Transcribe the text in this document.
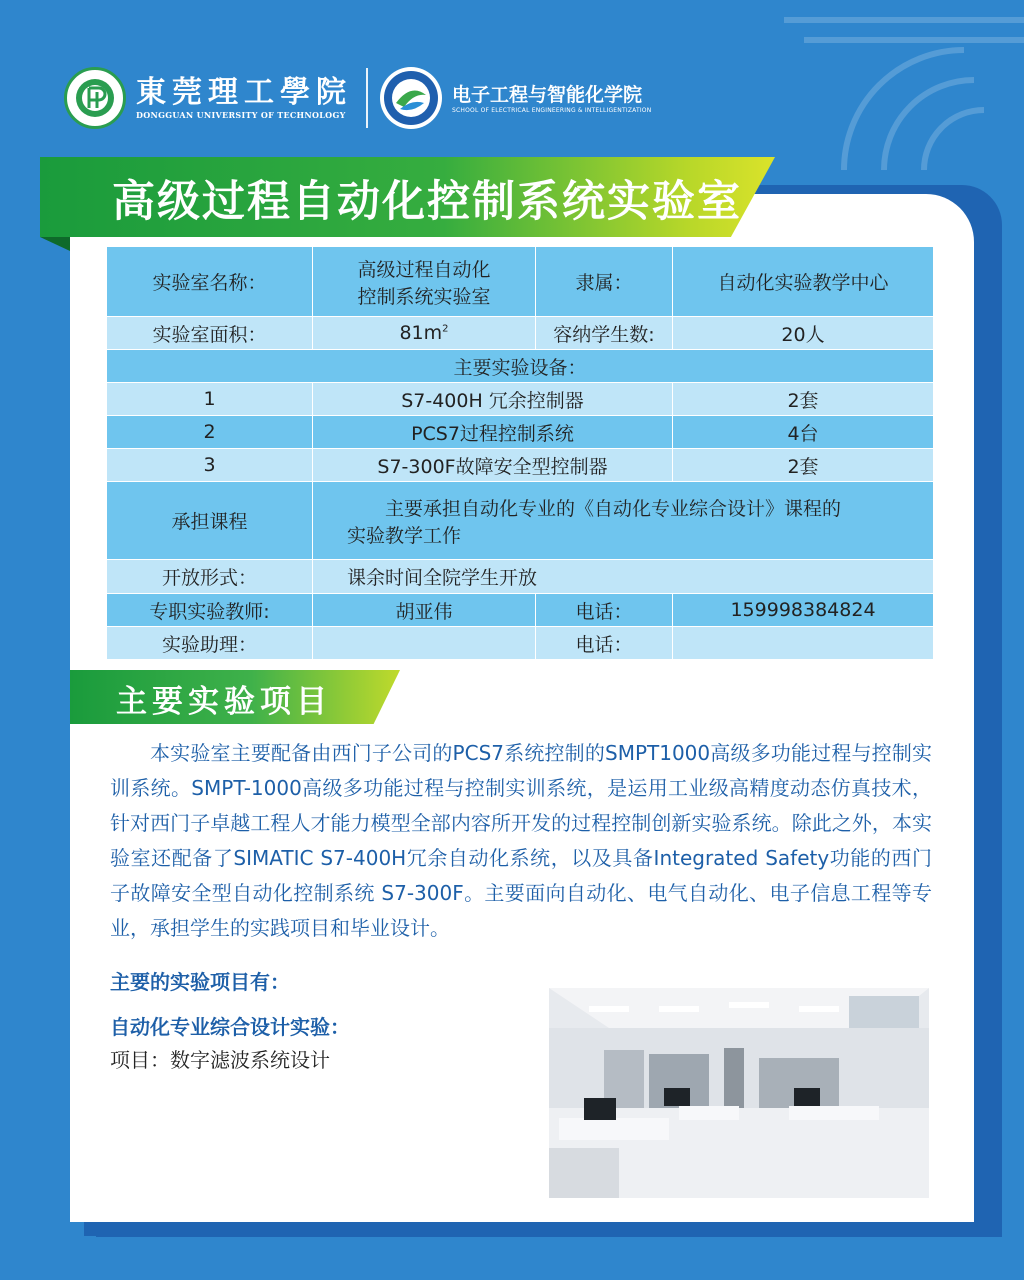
東莞理工學院
DONGGUAN UNIVERSITY OF TECHNOLOGY
电子工程与智能化学院
SCHOOL OF ELECTRICAL ENGINEERING & INTELLIGENTIZATION
高级过程自动化控制系统实验室
实验室名称：	高级过程自动化
控制系统实验室	隶属：	自动化实验教学中心
实验室面积：	$81m^2$	容纳学生数:	20人
主要实验设备：			
1	S7-400H 冗余控制器		2套
2	PCS7过程控制系统		4台
3	S7-300F故障安全型控制器		2套
承担课程	主要承担自动化专业的《自动化专业综合设计》课程的
实验教学工作		

开放形式：	课余时间全院学生开放		
专职实验教师:	胡亚伟	电话：	15999838482​4
实验助理：		电话：	
主要实验项目

本实验室主要配备由西门子公司的PCS7系统控制的SMPT1000高级多功能过程与控制实训系统。SMPT-1000高级多功能过程与控制实训系统，是运用工业级高精度动态仿真技术，针对西门子卓越工程人才能力模型全部内容所开发的过程控制创新实验系统。除此之外，本实验室还配备了SIMATIC S7-400H冗余自动化系统，以及具备Integrated Safety功能的西门子故障安全型自动化控制系统 S7-300F。主要面向自动化、电气自动化、电子信息工程等专业，承担学生的实践项目和毕业设计。

主要的实验项目有：
自动化专业综合设计实验：
项目：数字滤波系统设计
